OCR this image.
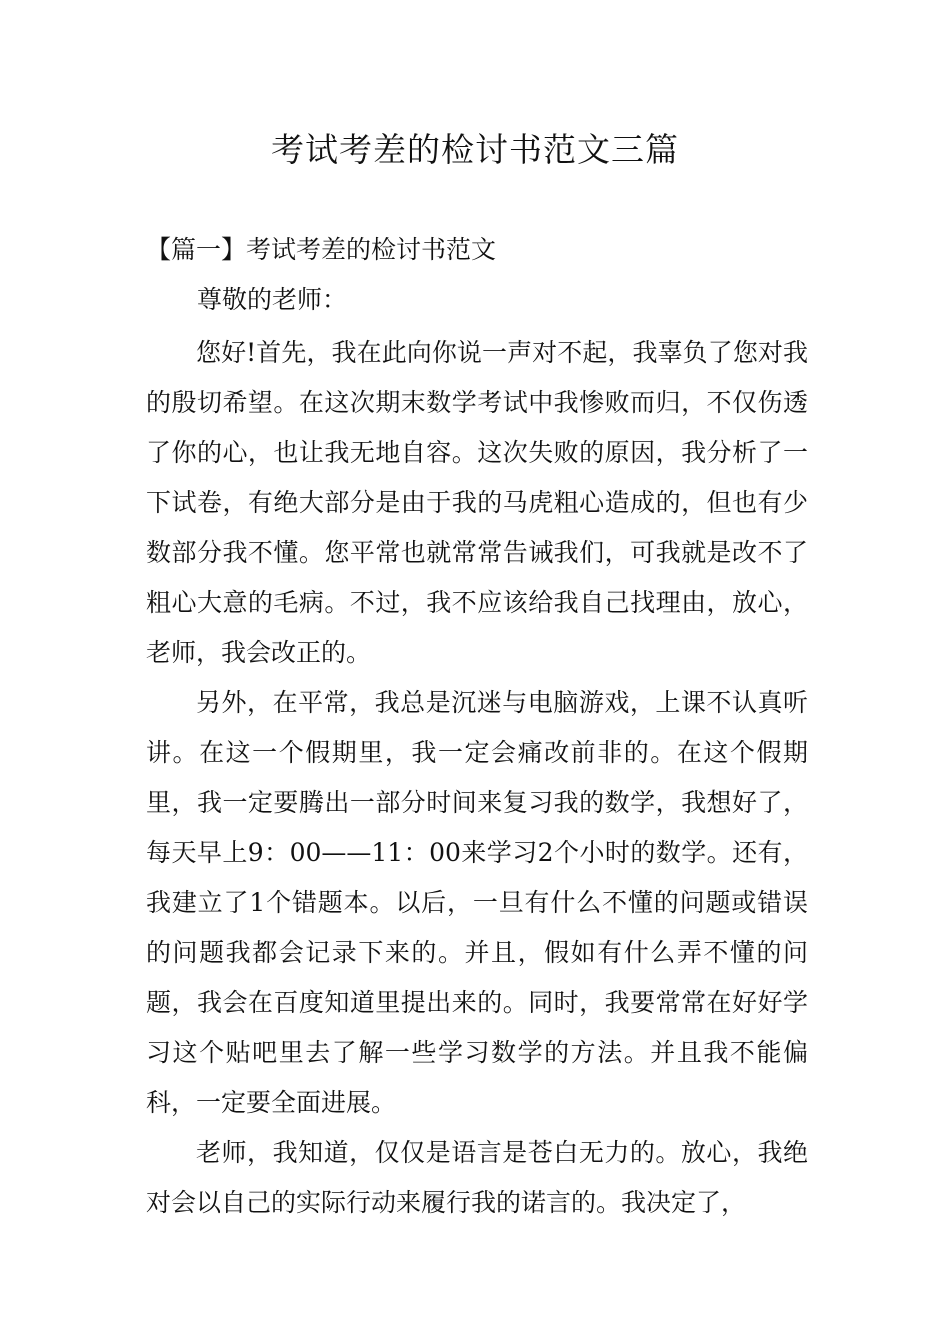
考试考差的检讨书范文三篇
【篇一】考试考差的检讨书范文
尊敬的老师：

您好!首先，我在此向你说一声对不起，我辜负了您对我的殷切希望。在这次期末数学考试中我惨败而归，不仅伤透了你的心，也让我无地自容。这次失败的原因，我分析了一下试卷，有绝大部分是由于我的马虎粗心造成的，但也有少数部分我不懂。您平常也就常常告诫我们，可我就是改不了粗心大意的毛病。不过，我不应该给我自己找理由，放心，老师，我会改正的。

另外，在平常，我总是沉迷与电脑游戏，上课不认真听讲。在这一个假期里，我一定会痛改前非的。在这个假期里，我一定要腾出一部分时间来复习我的数学，我想好了，每天早上9：00——11：00来学习2个小时的数学。还有，我建立了1个错题本。以后，一旦有什么不懂的问题或错误的问题我都会记录下来的。并且，假如有什么弄不懂的问题，我会在百度知道里提出来的。同时，我要常常在好好学习这个贴吧里去了解一些学习数学的方法。并且我不能偏科，一定要全面进展。

老师，我知道，仅仅是语言是苍白无力的。放心，我绝对会以自己的实际行动来履行我的诺言的。我决定了，
